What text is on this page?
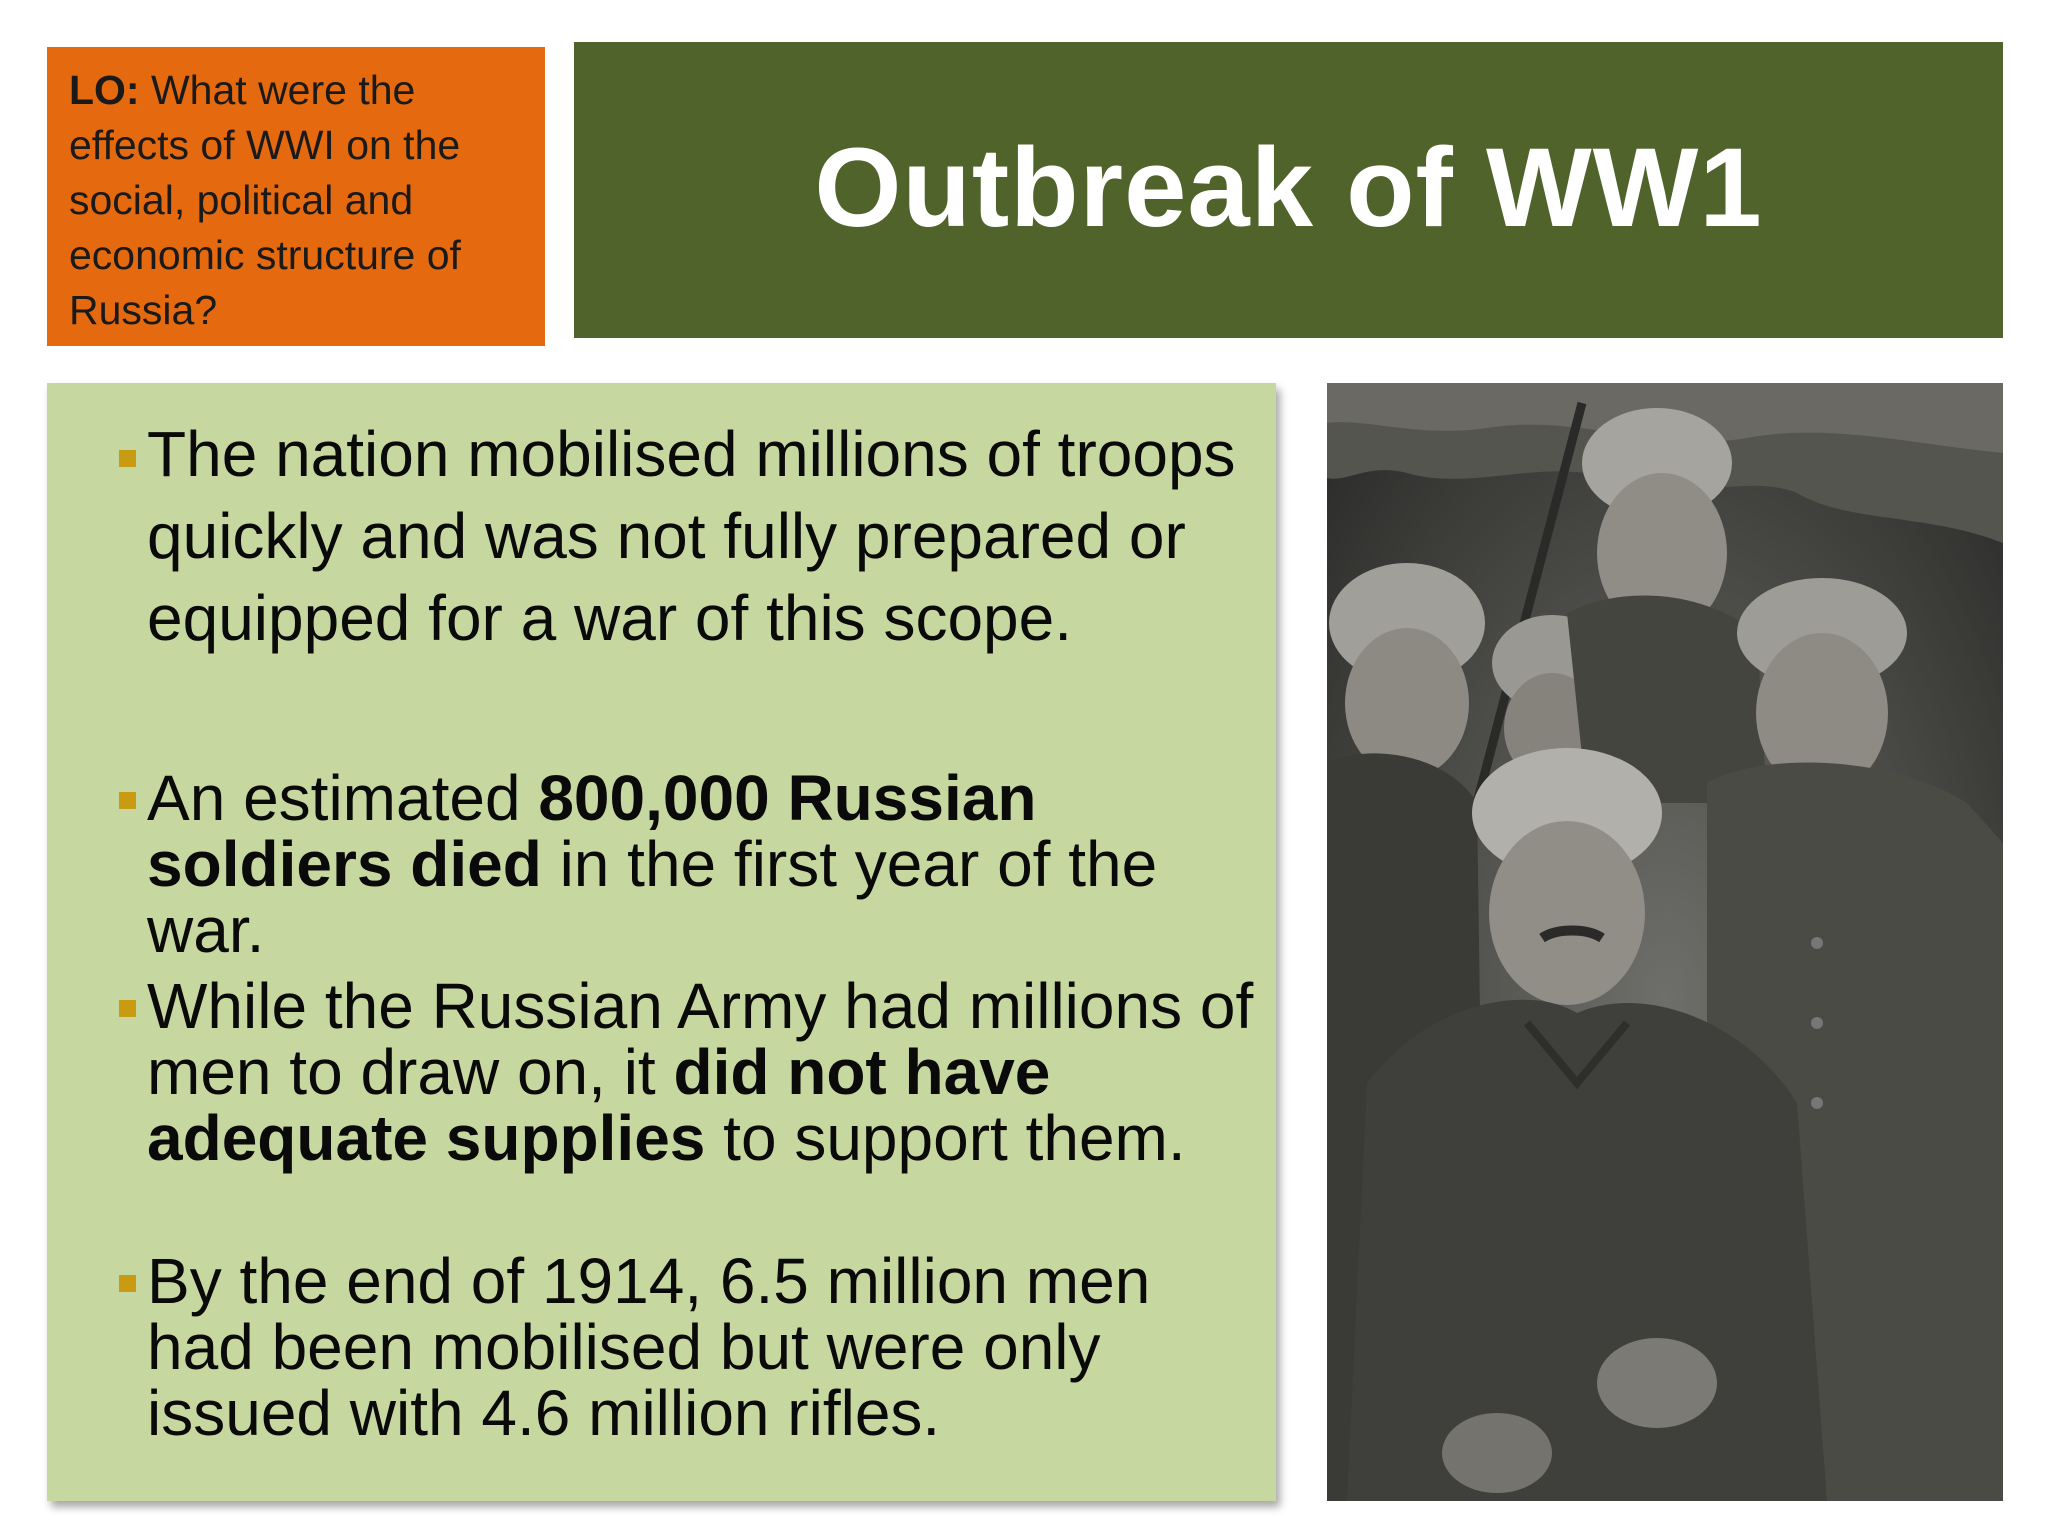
LO: What were the effects of WWI on the social, political and economic structure of Russia?
Outbreak of WW1
The nation mobilised millions of troops quickly and was not fully prepared or equipped for a war of this scope.
An estimated 800,000 Russian soldiers died in the first year of the war.
While the Russian Army had millions of men to draw on, it did not have adequate supplies to support them.
By the end of 1914, 6.5 million men had been mobilised but were only issued with 4.6 million rifles.
